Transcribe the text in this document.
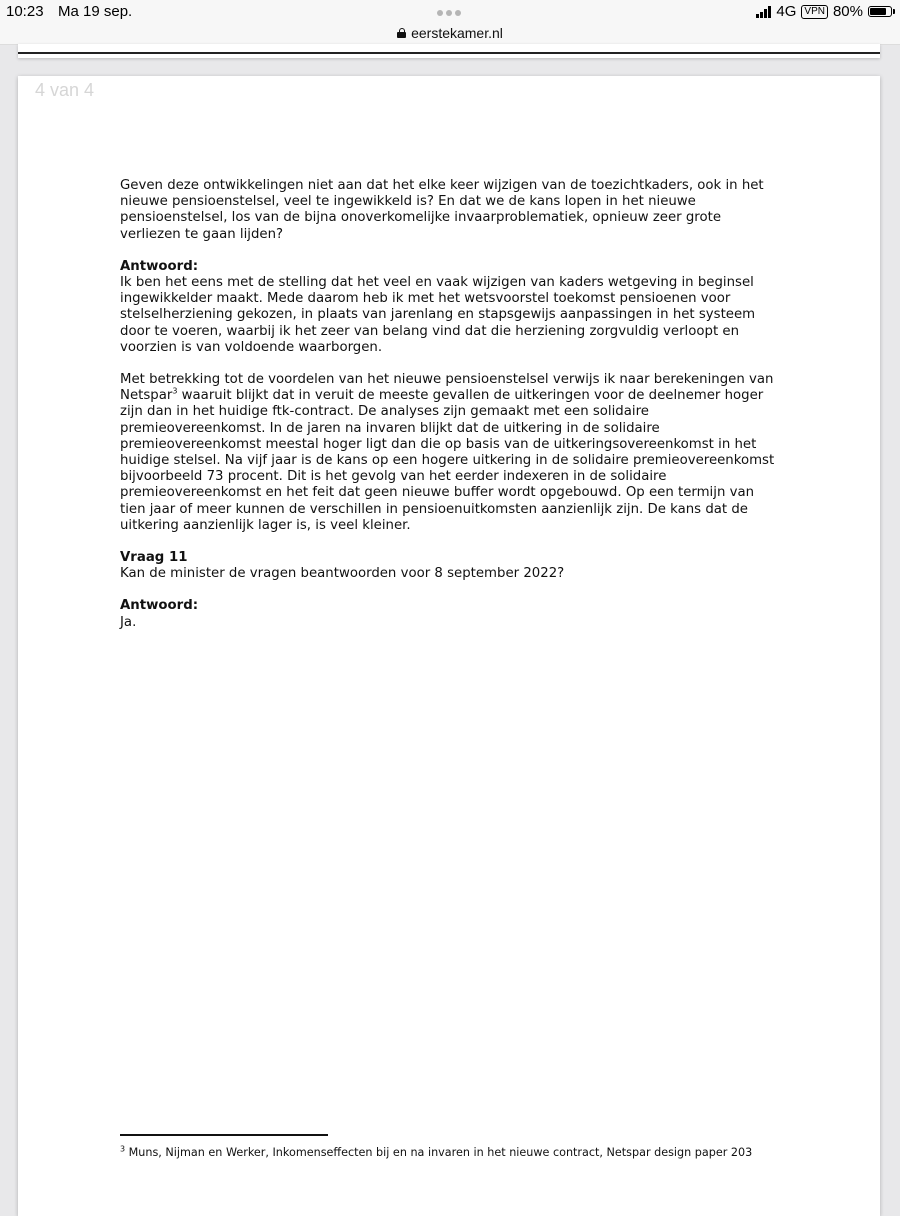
10:23 Ma 19 sep.	4G VPN 80%
eerstekamer.nl
4 van 4

Geven deze ontwikkelingen niet aan dat het elke keer wijzigen van de toezichtkaders, ook in het nieuwe pensioenstelsel, veel te ingewikkeld is? En dat we de kans lopen in het nieuwe pensioenstelsel, los van de bijna onoverkomelijke invaarproblematiek, opnieuw zeer grote verliezen te gaan lijden?

Antwoord:
Ik ben het eens met de stelling dat het veel en vaak wijzigen van kaders wetgeving in beginsel ingewikkelder maakt. Mede daarom heb ik met het wetsvoorstel toekomst pensioenen voor stelselherziening gekozen, in plaats van jarenlang en stapsgewijs aanpassingen in het systeem door te voeren, waarbij ik het zeer van belang vind dat die herziening zorgvuldig verloopt en voorzien is van voldoende waarborgen.

Met betrekking tot de voordelen van het nieuwe pensioenstelsel verwijs ik naar berekeningen van Netspar$^3$ waaruit blijkt dat in veruit de meeste gevallen de uitkeringen voor de deelnemer hoger zijn dan in het huidige ftk-contract. De analyses zijn gemaakt met een solidaire premieovereenkomst. In de jaren na invaren blijkt dat de uitkering in de solidaire premieovereenkomst meestal hoger ligt dan die op basis van de uitkeringsovereenkomst in het huidige stelsel. Na vijf jaar is de kans op een hogere uitkering in de solidaire premieovereenkomst bijvoorbeeld 73 procent. Dit is het gevolg van het eerder indexeren in de solidaire premieovereenkomst en het feit dat geen nieuwe buffer wordt opgebouwd. Op een termijn van tien jaar of meer kunnen de verschillen in pensioenuitkomsten aanzienlijk zijn. De kans dat de uitkering aanzienlijk lager is, is veel kleiner.

Vraag 11
Kan de minister de vragen beantwoorden voor 8 september 2022?

Antwoord:
Ja.

$^3$ Muns, Nijman en Werker, Inkomenseffecten bij en na invaren in het nieuwe contract, Netspar design paper 203
